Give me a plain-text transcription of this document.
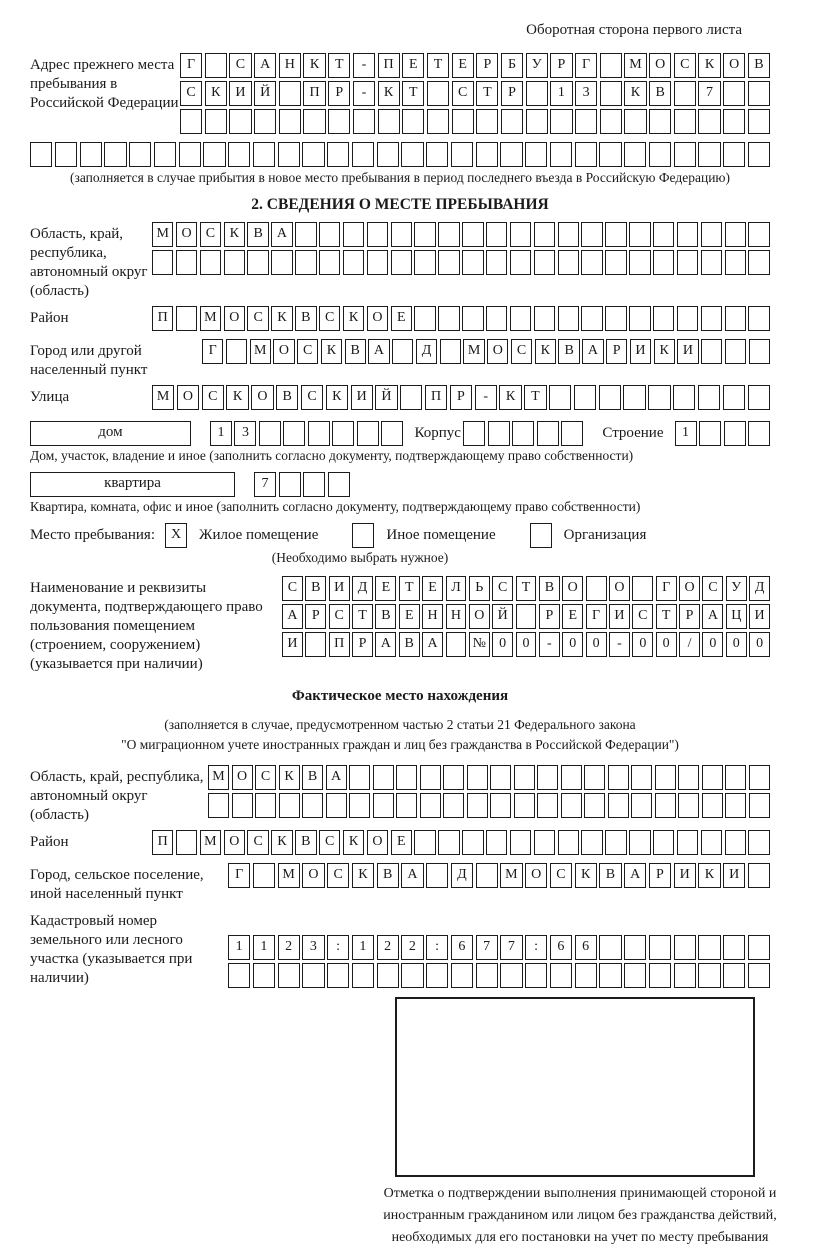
Оборотная сторона первого листа
Адрес прежнего места пребывания в Российской Федерации
Г	С	А	Н	К	Т	-	П	Е	Т	Е	Р	Б	У	Р	Г	М О	С	К	О	В
С	К	И	Й	П	Р	-	К	Т	С	Т	Р	1	3	К	В	7
(заполняется в случае прибытия в новое место пребывания в период последнего въезда в Российскую Федерацию)
2. СВЕДЕНИЯ О МЕСТЕ ПРЕБЫВАНИЯ
Область, край, республика, автономный округ (область)
М О	С	К	В	А
Район	П	М О	С	К	В	С	К	О	Е
Город или другой населенный пункт
Г	М О	С	К	В	А	Д	М О	С	К	В	А	Р	И	К	И
Улица	М О	С	К	О	В	С	К	И	Й	П	Р	-	К	Т
дом	1	3	Корпус	Строение	1
Дом, участок, владение и иное (заполнить согласно документу, подтверждающему право собственности)
квартира	7
Квартира, комната, офис и иное (заполнить согласно документу, подтверждающему право собственности)
Место пребывания:	X	Жилое помещение	Иное помещение	Организация
(Необходимо выбрать нужное)
Наименование и реквизиты документа, подтверждающего право пользования помещением (строением, сооружением) (указывается при наличии)
С	В И Д	Е	Т	Е	Л	Ь	С	Т	В О	О	Г	О С У Д
А	Р	С	Т	В	Е	Н Н О Й	Р	Е	Г	И С	Т	Р	А Ц И
И	П	Р	А В А	№ 0	0	-	0	0	-	0	0	/	0	0	0
Фактическое место нахождения
(заполняется в случае, предусмотренном частью 2 статьи 21 Федерального закона
"О миграционном учете иностранных граждан и лиц без гражданства в Российской Федерации")
Область, край, республика, автономный округ (область)
М О С	К	В А
Район	П	М О	С	К	В	С	К	О	Е
Город, сельское поселение, иной населенный пункт
Г	М О	С	К	В	А	Д	М О	С	К	В	А	Р	И	К	И
Кадастровый номер земельного или лесного участка (указывается при наличии)
1	1	2	3	:	1	2	2	:	6	7	7	:	6	6
Отметка о подтверждении выполнения принимающей стороной и иностранным гражданином или лицом без гражданства действий, необходимых для его постановки на учет по месту пребывания
